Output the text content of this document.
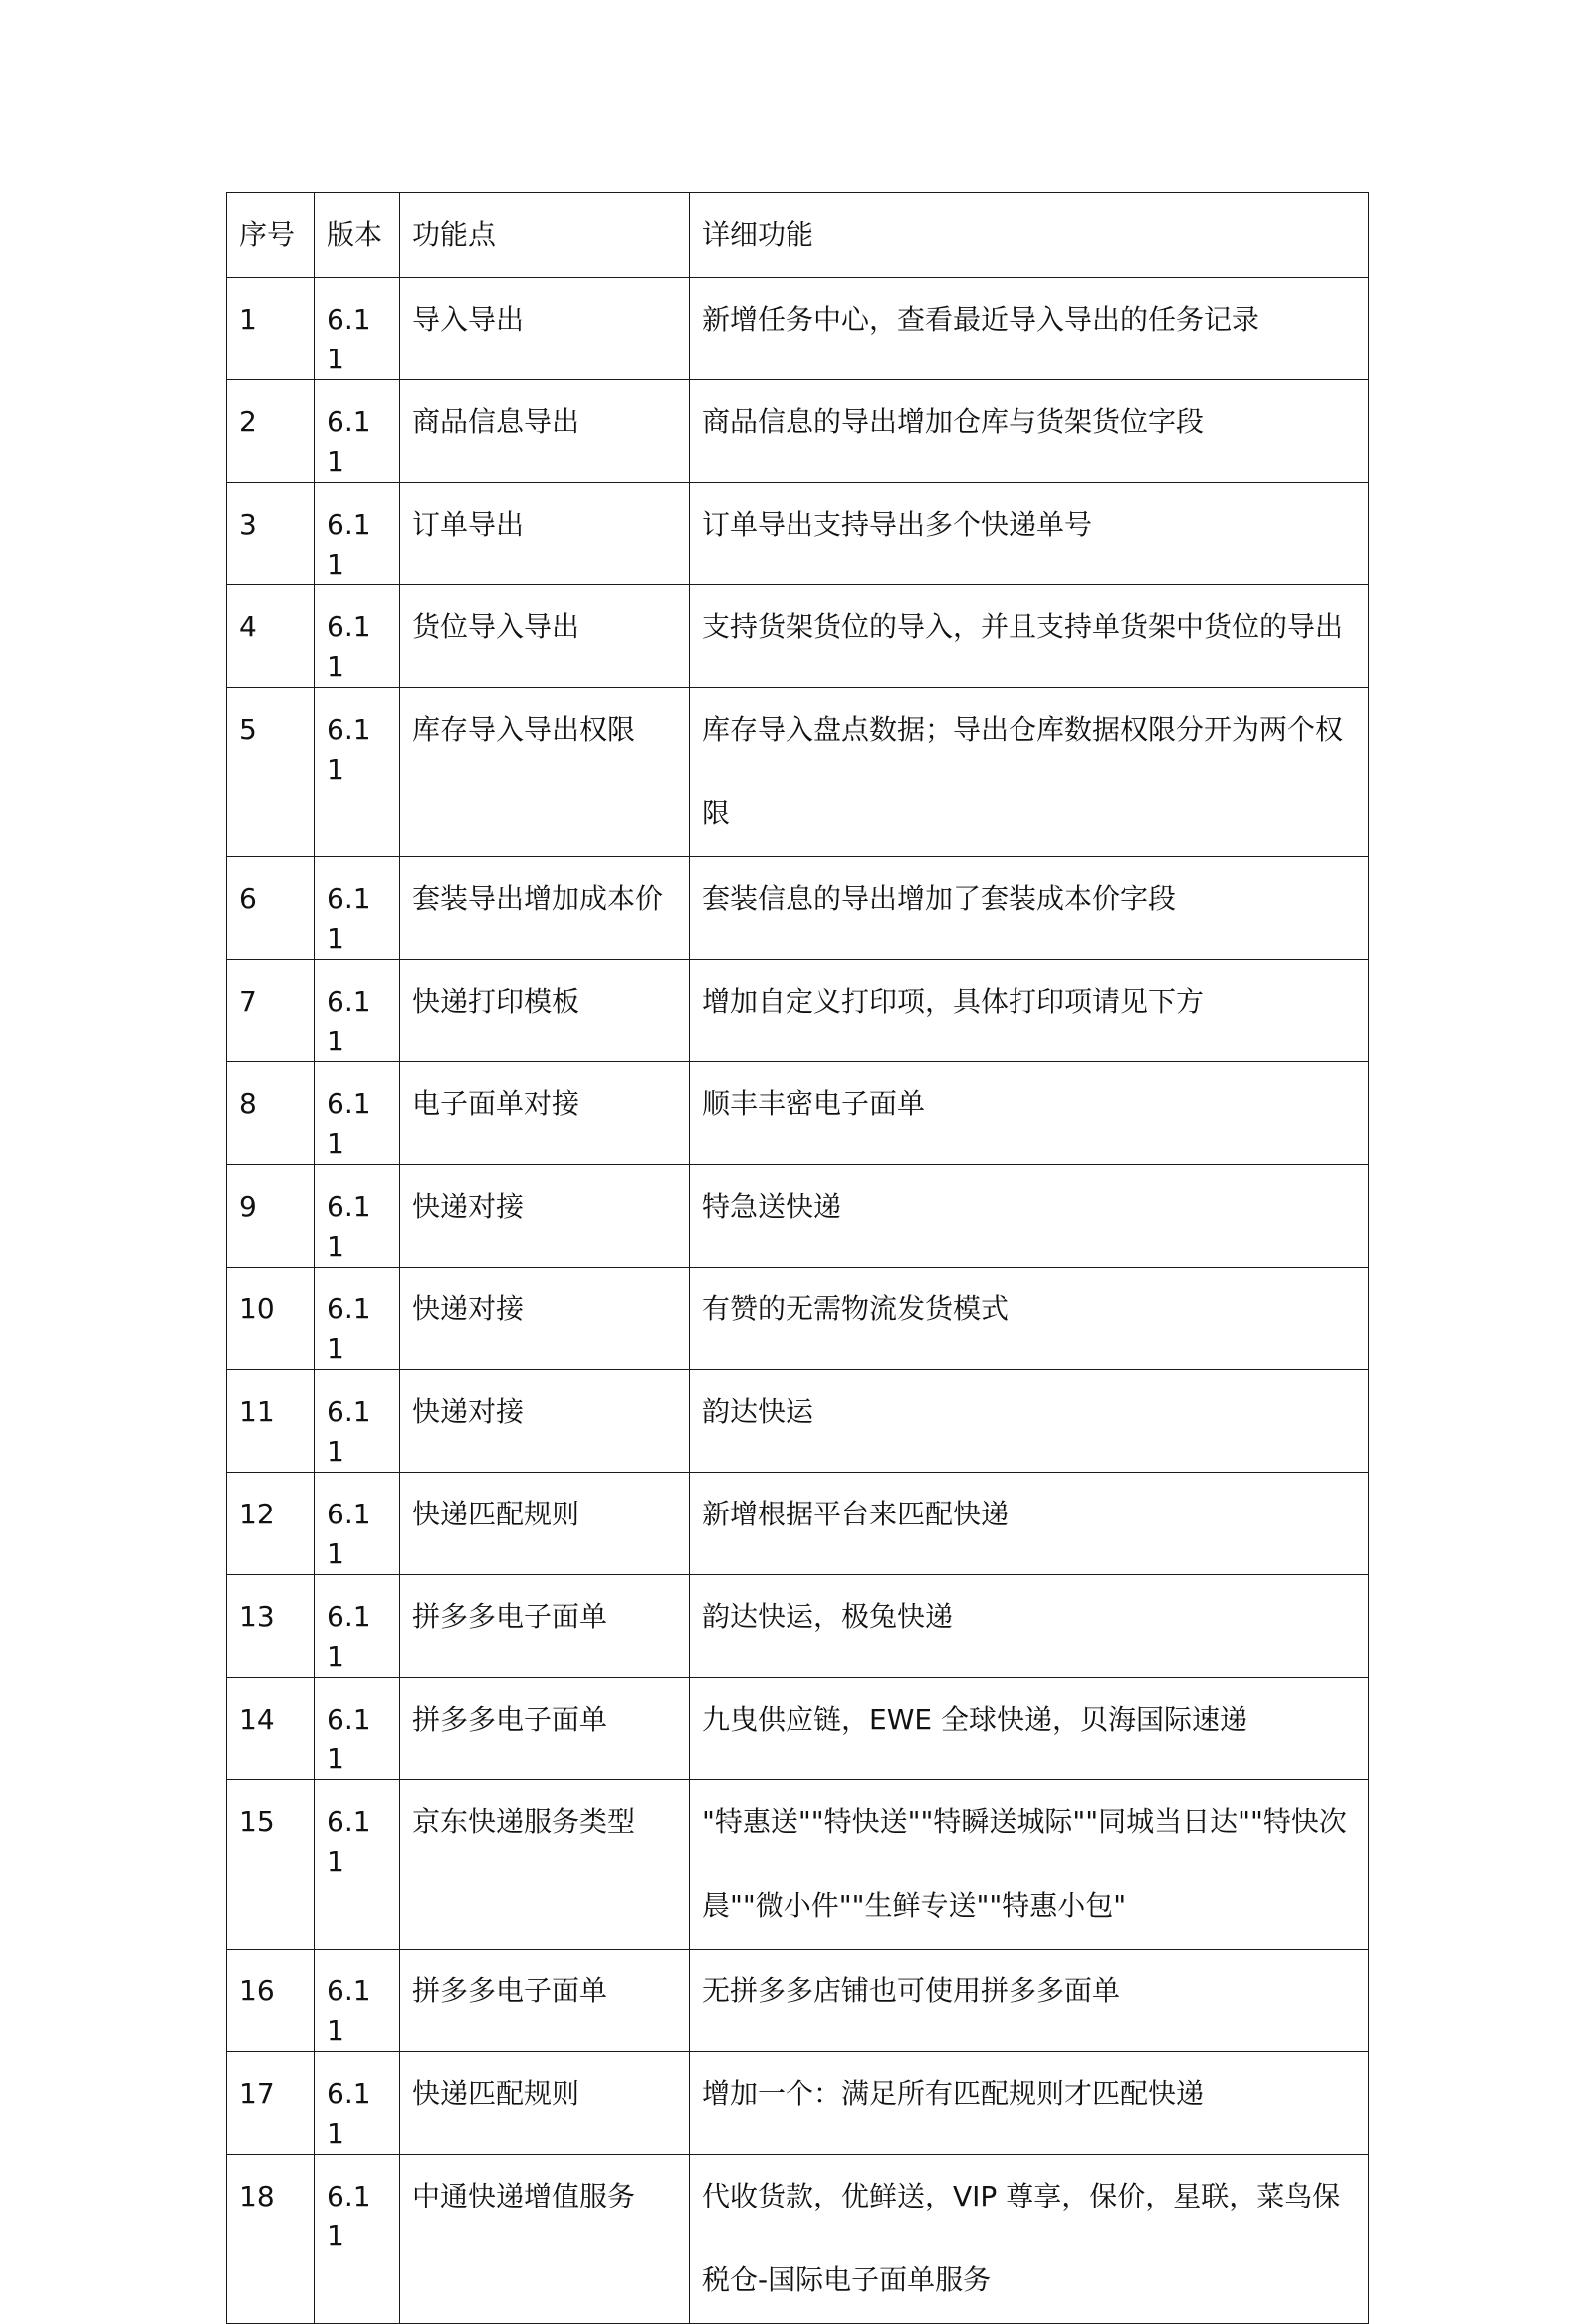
序号	版本	功能点	详细功能
1	6.11	导入导出	新增任务中心，查看最近导入导出的任务记录
2	6.11	商品信息导出	商品信息的导出增加仓库与货架货位字段
3	6.11	订单导出	订单导出支持导出多个快递单号
4	6.11	货位导入导出	支持货架货位的导入，并且支持单货架中货位的导出
5	6.11	库存导入导出权限	库存导入盘点数据；导出仓库数据权限分开为两个权限
6	6.11	套装导出增加成本价	套装信息的导出增加了套装成本价字段
7	6.11	快递打印模板	增加自定义打印项，具体打印项请见下方
8	6.11	电子面单对接	顺丰丰密电子面单
9	6.11	快递对接	特急送快递
10	6.11	快递对接	有赞的无需物流发货模式
11	6.11	快递对接	韵达快运
12	6.11	快递匹配规则	新增根据平台来匹配快递
13	6.11	拼多多电子面单	韵达快运，极兔快递
14	6.11	拼多多电子面单	九曳供应链，EWE 全球快递，贝海国际速递
15	6.11	京东快递服务类型	"特惠送""特快送""特瞬送城际""同城当日达""特快次晨""微小件""生鲜专送""特惠小包"
16	6.11	拼多多电子面单	无拼多多店铺也可使用拼多多面单
17	6.11	快递匹配规则	增加一个：满足所有匹配规则才匹配快递
18	6.11	中通快递增值服务	代收货款，优鲜送，VIP 尊享，保价，星联，菜鸟保税仓-国际电子面单服务
